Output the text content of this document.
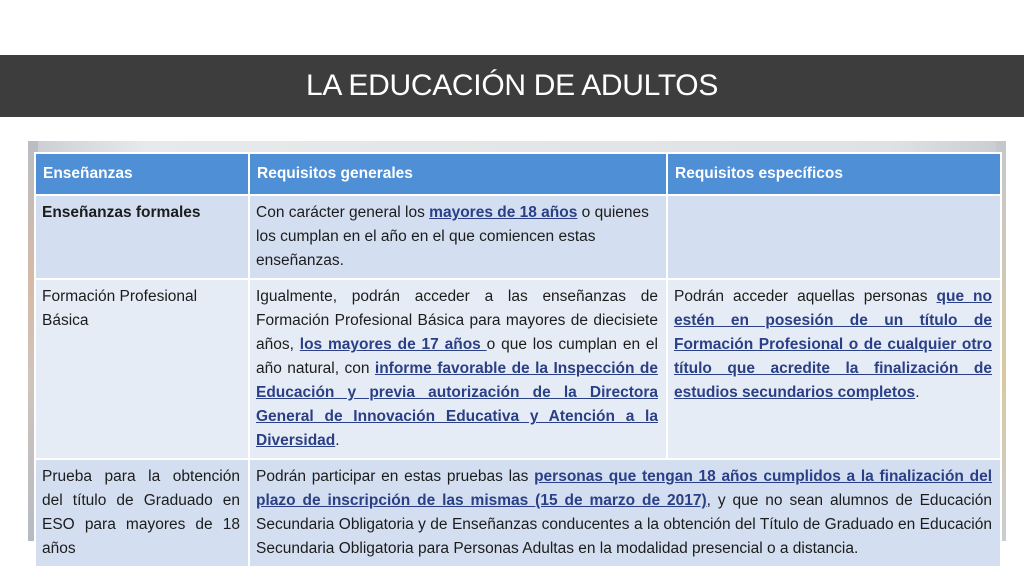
LA EDUCACIÓN DE ADULTOS
Enseñanzas	Requisitos generales	Requisitos específicos
Enseñanzas formales	Con carácter general los mayores de 18 años o quienes los cumplan en el año en el que comiencen estas enseñanzas.	
Formación Profesional Básica	Igualmente, podrán acceder a las enseñanzas de Formación Profesional Básica para mayores de diecisiete años, los mayores de 17 años o que los cumplan en el año natural, con informe favorable de la Inspección de Educación y previa autorización de la Directora General de Innovación Educativa y Atención a la Diversidad.	Podrán acceder aquellas personas que no estén en posesión de un título de Formación Profesional o de cualquier otro título que acredite la finalización de estudios secundarios completos.
Prueba para la obtención del título de Graduado en ESO para mayores de 18 años	Podrán participar en estas pruebas las personas que tengan 18 años cumplidos a la finalización del plazo de inscripción de las mismas (15 de marzo de 2017), y que no sean alumnos de Educación Secundaria Obligatoria y de Enseñanzas conducentes a la obtención del Título de Graduado en Educación Secundaria Obligatoria para Personas Adultas en la modalidad presencial o a distancia.	
